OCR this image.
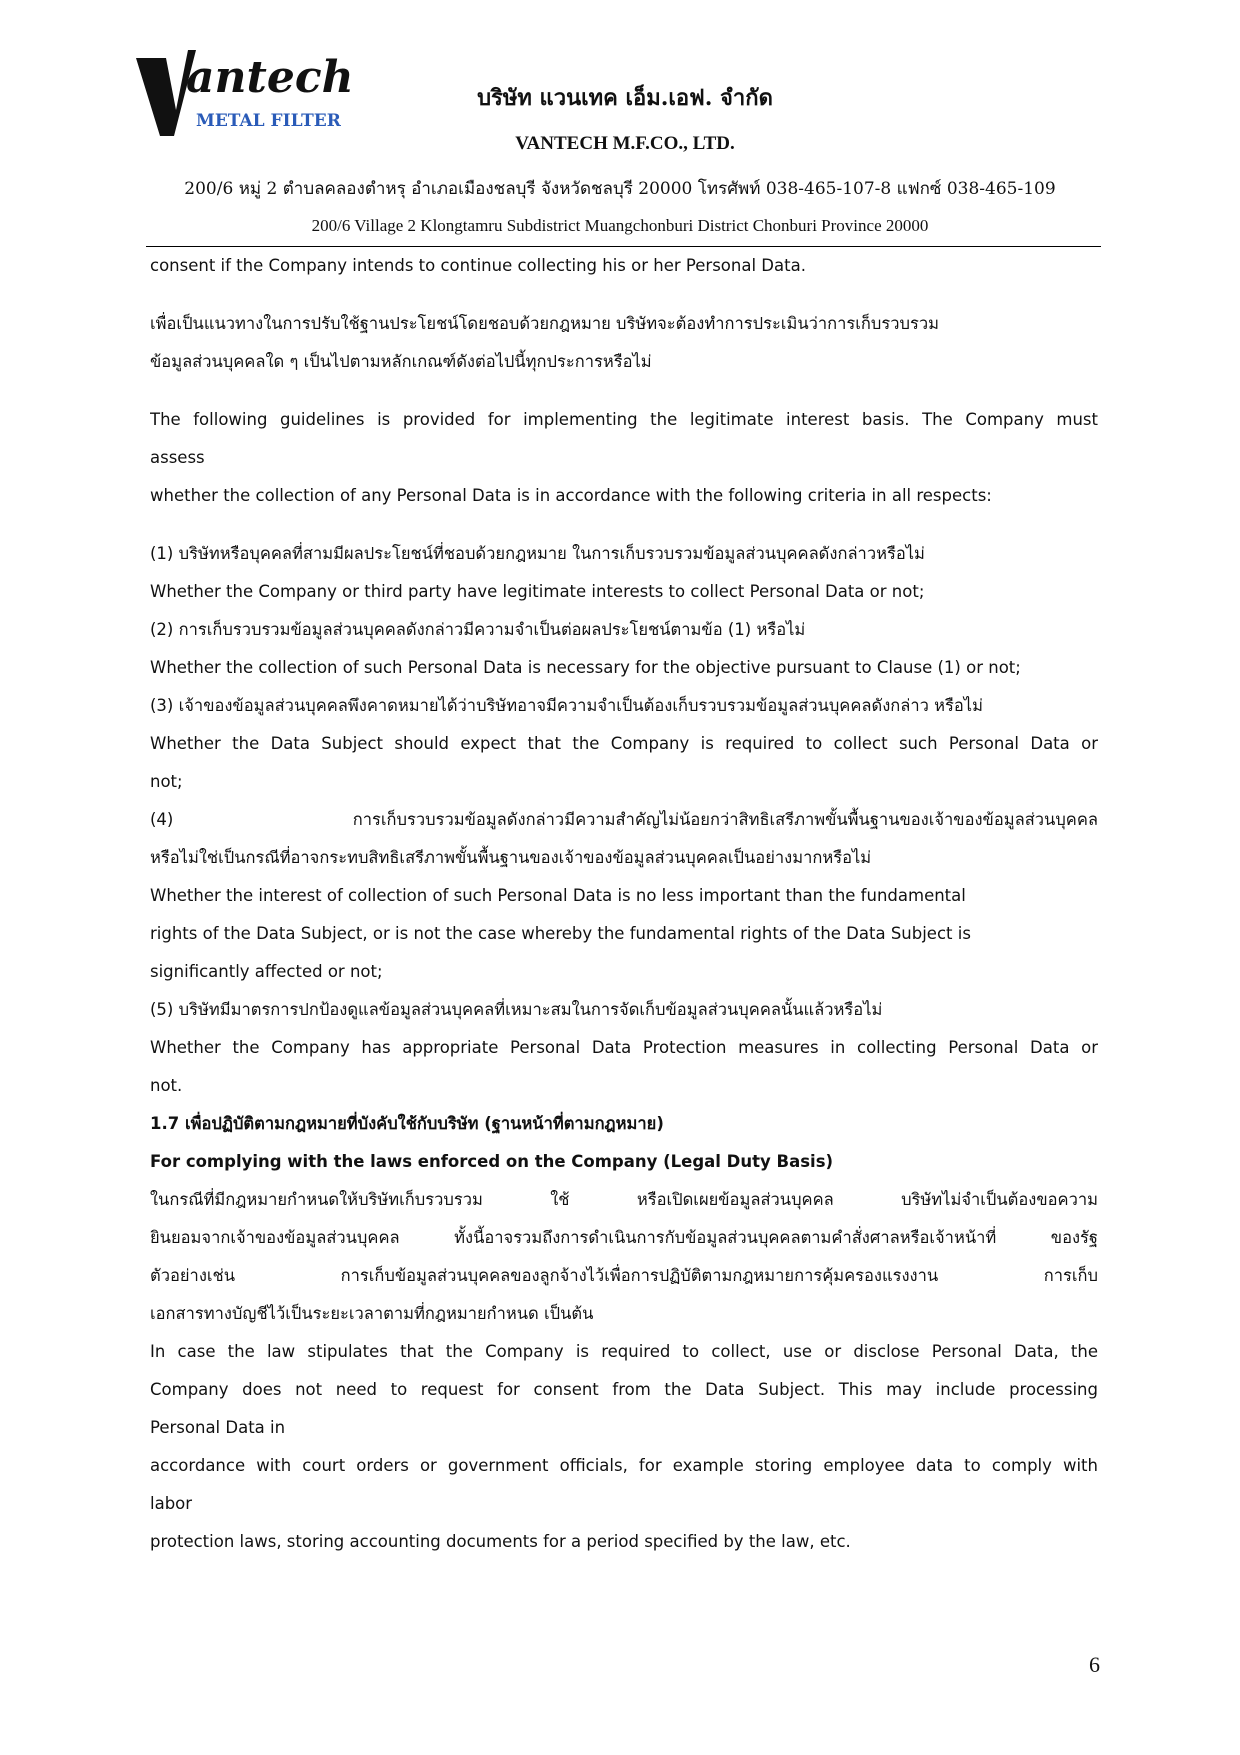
antech
METAL FILTER
บริษัท แวนเทค เอ็ม.เอฟ. จำกัด
VANTECH M.F.CO., LTD.
200/6 หมู่ 2 ตำบลคลองตำหรุ อำเภอเมืองชลบุรี จังหวัดชลบุรี 20000 โทรศัพท์ 038-465-107-8 แฟกซ์ 038-465-109
200/6 Village 2 Klongtamru Subdistrict Muangchonburi District Chonburi Province 20000
consent if the Company intends to continue collecting his or her Personal Data.
เพื่อเป็นแนวทางในการปรับใช้ฐานประโยชน์โดยชอบด้วยกฎหมาย บริษัทจะต้องทำการประเมินว่าการเก็บรวบรวม
ข้อมูลส่วนบุคคลใด ๆ เป็นไปตามหลักเกณฑ์ดังต่อไปนี้ทุกประการหรือไม่
The following guidelines is provided for implementing the legitimate interest basis. The Company must
assess
whether the collection of any Personal Data is in accordance with the following criteria in all respects:
(1) บริษัทหรือบุคคลที่สามมีผลประโยชน์ที่ชอบด้วยกฎหมาย ในการเก็บรวบรวมข้อมูลส่วนบุคคลดังกล่าวหรือไม่
Whether the Company or third party have legitimate interests to collect Personal Data or not;
(2) การเก็บรวบรวมข้อมูลส่วนบุคคลดังกล่าวมีความจำเป็นต่อผลประโยชน์ตามข้อ (1) หรือไม่
Whether the collection of such Personal Data is necessary for the objective pursuant to Clause (1) or not;
(3) เจ้าของข้อมูลส่วนบุคคลพึงคาดหมายได้ว่าบริษัทอาจมีความจำเป็นต้องเก็บรวบรวมข้อมูลส่วนบุคคลดังกล่าว หรือไม่
Whether the Data Subject should expect that the Company is required to collect such Personal Data or
not;
(4) การเก็บรวบรวมข้อมูลดังกล่าวมีความสำคัญไม่น้อยกว่าสิทธิเสรีภาพขั้นพื้นฐานของเจ้าของข้อมูลส่วนบุคคล
หรือไม่ใช่เป็นกรณีที่อาจกระทบสิทธิเสรีภาพขั้นพื้นฐานของเจ้าของข้อมูลส่วนบุคคลเป็นอย่างมากหรือไม่
Whether the interest of collection of such Personal Data is no less important than the fundamental
rights of the Data Subject, or is not the case whereby the fundamental rights of the Data Subject is
significantly affected or not;
(5) บริษัทมีมาตรการปกป้องดูแลข้อมูลส่วนบุคคลที่เหมาะสมในการจัดเก็บข้อมูลส่วนบุคคลนั้นแล้วหรือไม่
Whether the Company has appropriate Personal Data Protection measures in collecting Personal Data or
not.
1.7 เพื่อปฏิบัติตามกฎหมายที่บังคับใช้กับบริษัท (ฐานหน้าที่ตามกฎหมาย)
For complying with the laws enforced on the Company (Legal Duty Basis)
ในกรณีที่มีกฎหมายกำหนดให้บริษัทเก็บรวบรวม ใช้ หรือเปิดเผยข้อมูลส่วนบุคคล บริษัทไม่จำเป็นต้องขอความ
ยินยอมจากเจ้าของข้อมูลส่วนบุคคล ทั้งนี้อาจรวมถึงการดำเนินการกับข้อมูลส่วนบุคคลตามคำสั่งศาลหรือเจ้าหน้าที่ ของรัฐ
ตัวอย่างเช่น การเก็บข้อมูลส่วนบุคคลของลูกจ้างไว้เพื่อการปฏิบัติตามกฎหมายการคุ้มครองแรงงาน การเก็บ
เอกสารทางบัญชีไว้เป็นระยะเวลาตามที่กฎหมายกำหนด เป็นต้น
In case the law stipulates that the Company is required to collect, use or disclose Personal Data, the
Company does not need to request for consent from the Data Subject. This may include processing
Personal Data in
accordance with court orders or government officials, for example storing employee data to comply with
labor
protection laws, storing accounting documents for a period specified by the law, etc.
6
